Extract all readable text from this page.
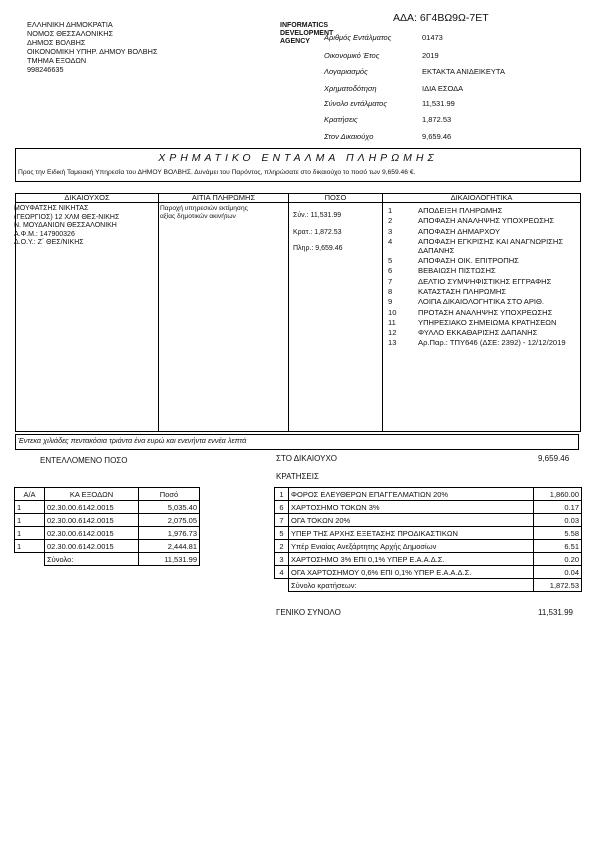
ΑΔΑ: 6Γ4ΒΩ9Ω-7ΕΤ
ΕΛΛΗΝΙΚΗ ΔΗΜΟΚΡΑΤΙΑ
ΝΟΜΟΣ ΘΕΣΣΑΛΟΝΙΚΗΣ
ΔΗΜΟΣ ΒΟΛΒΗΣ
ΟΙΚΟΝΟΜΙΚΗ ΥΠΗΡ. ΔΗΜΟΥ ΒΟΛΒΗΣ
ΤΜΗΜΑ ΕΞΟΔΩΝ
998246635
INFORMATICS
DEVELOPMENT
AGENCY	Αριθμός Εντάλματος	01473
Οικονομικό Έτος	2019
Λογαριασμός	ΕΚΤΑΚΤΑ ΑΝΙΔΕΙΚΕΥΤΑ
Χρηματοδότηση	ΙΔΙΑ ΕΣΟΔΑ
Σύνολο εντάλματος	11,531.99
Κρατήσεις	1,872.53
Στον Δικαιούχο	9,659.46
ΧΡΗΜΑΤΙΚΟ ΕΝΤΑΛΜΑ ΠΛΗΡΩΜΗΣ
Προς την Ειδική Ταμειακή Υπηρεσία του ΔΗΜΟΥ ΒΟΛΒΗΣ. Δυνάμει του Παρόντος, πληρώσατε στο δικαιούχο το ποσό των 9,659.46 €.
ΔΙΚΑΙΟΥΧΟΣ	ΑΙΤΙΑ ΠΛΗΡΩΜΗΣ	ΠΟΣΟ	ΔΙΚΑΙΟΛΟΓΗΤΙΚΑ
ΜΟΥΦΑΤΣΗΣ ΝΙΚΗΤΑΣ
(ΓΕΩΡΓΙΟΣ) 12 ΧΛΜ ΘΕΣ-ΝΙΚΗΣ
Ν. ΜΟΥΔΑΝΙΩΝ ΘΕΣΣΑΛΟΝΙΚΗ
Α.Φ.Μ.: 147900326
Δ.Ο.Υ.: Ζ΄ ΘΕΣ/ΝΙΚΗΣ
Παροχή υπηρεσιών εκτίμησης
αξίας δημοτικών ακινήτων	Σύν.: 11,531.99
Κρατ.: 1,872.53
Πληρ.: 9,659.46
1	ΑΠΟΔΕΙΞΗ ΠΛΗΡΩΜΗΣ
2	ΑΠΟΦΑΣΗ ΑΝΑΛΗΨΗΣ ΥΠΟΧΡΕΩΣΗΣ
3	ΑΠΟΦΑΣΗ ΔΗΜΑΡΧΟΥ
4	ΑΠΟΦΑΣΗ ΕΓΚΡΙΣΗΣ ΚΑΙ ΑΝΑΓΝΩΡΙΣΗΣ ΔΑΠΑΝΗΣ
5	ΑΠΟΦΑΣΗ ΟΙΚ. ΕΠΙΤΡΟΠΗΣ
6	ΒΕΒΑΙΩΣΗ ΠΙΣΤΩΣΗΣ
7	ΔΕΛΤΙΟ ΣΥΜΨΗΦΙΣΤΙΚΗΣ ΕΓΓΡΑΦΗΣ
8	ΚΑΤΑΣΤΑΣΗ ΠΛΗΡΩΜΗΣ
9	ΛΟΙΠΑ ΔΙΚΑΙΟΛΟΓΗΤΙΚΑ ΣΤΟ ΑΡΙΘ.
10	ΠΡΟΤΑΣΗ ΑΝΑΛΗΨΗΣ ΥΠΟΧΡΕΩΣΗΣ
11	ΥΠΗΡΕΣΙΑΚΟ ΣΗΜΕΙΩΜΑ ΚΡΑΤΗΣΕΩΝ
12	ΦΥΛΛΟ ΕΚΚΑΘΑΡΙΣΗΣ ΔΑΠΑΝΗΣ
13	Αρ.Παρ.: ΤΠΥ646 (ΔΣΕ: 2392) - 12/12/2019
Έντεκα χιλιάδες πεντακόσια τριάντα ένα ευρώ και ενενήντα εννέα λεπτά
ΕΝΤΕΛΛΟΜΕΝΟ ΠΟΣΟ	ΣΤΟ ΔΙΚΑΙΟΥΧΟ	9,659.46
ΚΡΑΤΗΣΕΙΣ
Α/Α	ΚΑ ΕΞΟΔΩΝ	Ποσό
1	02.30.00.6142.0015	5,035.40
1	02.30.00.6142.0015	2,075.05
1	02.30.00.6142.0015	1,976.73
1	02.30.00.6142.0015	2,444.81
	Σύνολο:	11,531.99
1	ΦΟΡΟΣ ΕΛΕΥΘΕΡΩΝ ΕΠΑΓΓΕΛΜΑΤΙΩΝ 20%	1,860.00
6	ΧΑΡΤΟΣΗΜΟ ΤΟΚΩΝ 3%	0.17
7	ΟΓΑ ΤΟΚΩΝ 20%	0.03
5	ΥΠΕΡ ΤΗΣ ΑΡΧΗΣ ΕΞΕΤΑΣΗΣ ΠΡΟΔΙΚΑΣΤΙΚΩΝ	5.58
2	Υπέρ Ενιαίας Ανεξάρτητης Αρχής Δημοσίων	6.51
3	ΧΑΡΤΟΣΗΜΟ 3% ΕΠΙ 0,1% ΥΠΕΡ Ε.Α.Α.Δ.Σ.	0.20
4	ΟΓΑ ΧΑΡΤΟΣΗΜΟΥ 0,6% ΕΠΙ 0,1% ΥΠΕΡ Ε.Α.Α.Δ.Σ.	0.04
	Σύνολο κρατήσεων:	1,872.53
ΓΕΝΙΚΟ ΣΥΝΟΛΟ	11,531.99
